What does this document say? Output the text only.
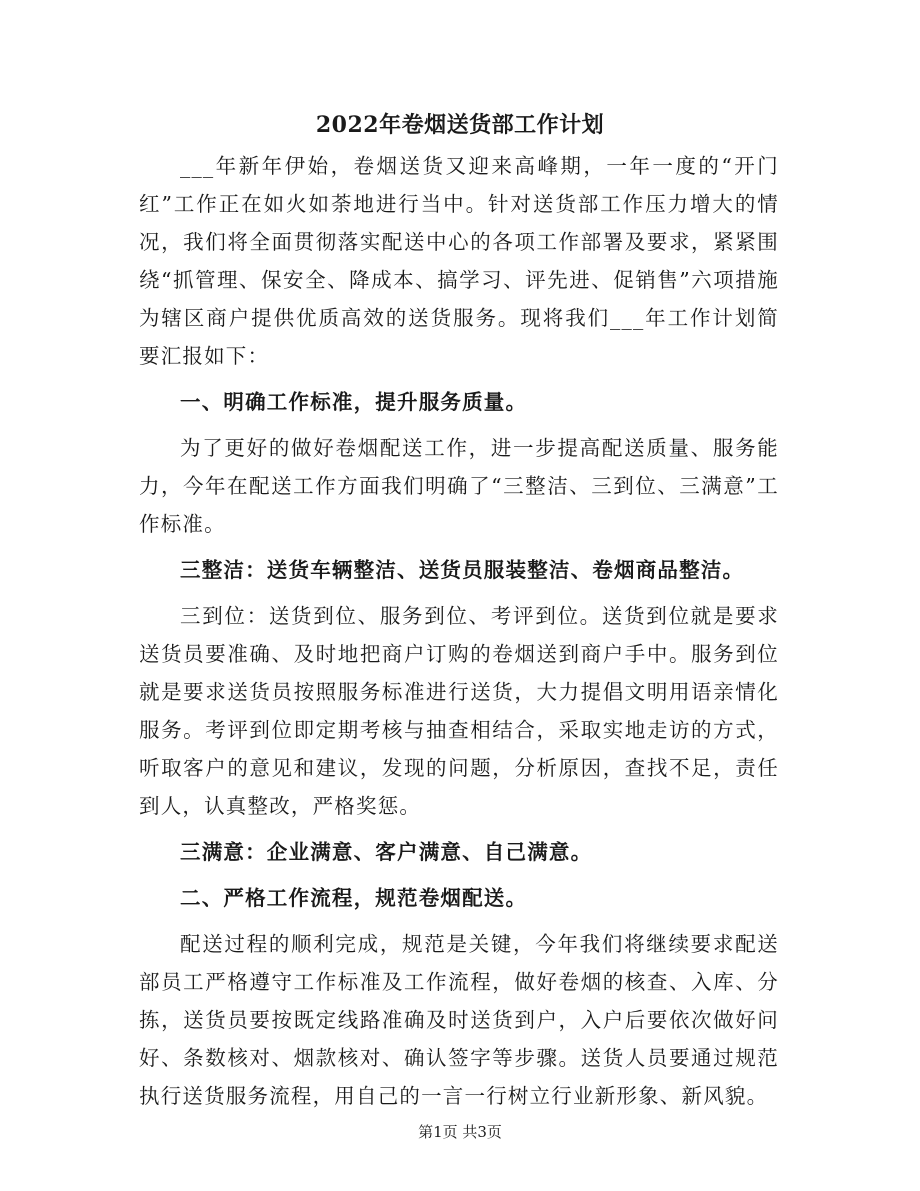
2022年卷烟送货部工作计划

___年新年伊始，卷烟送货又迎来高峰期，一年一度的“开门红”工作正在如火如荼地进行当中。针对送货部工作压力增大的情况，我们将全面贯彻落实配送中心的各项工作部署及要求，紧紧围绕“抓管理、保安全、降成本、搞学习、评先进、促销售”六项措施为辖区商户提供优质高效的送货服务。现将我们___年工作计划简要汇报如下：

一、明确工作标准，提升服务质量。

为了更好的做好卷烟配送工作，进一步提高配送质量、服务能力，今年在配送工作方面我们明确了“三整洁、三到位、三满意”工作标准。

三整洁：送货车辆整洁、送货员服装整洁、卷烟商品整洁。

三到位：送货到位、服务到位、考评到位。送货到位就是要求送货员要准确、及时地把商户订购的卷烟送到商户手中。服务到位就是要求送货员按照服务标准进行送货，大力提倡文明用语亲情化服务。考评到位即定期考核与抽查相结合，采取实地走访的方式，听取客户的意见和建议，发现的问题，分析原因，查找不足，责任到人，认真整改，严格奖惩。

三满意：企业满意、客户满意、自己满意。

二、严格工作流程，规范卷烟配送。

配送过程的顺利完成，规范是关键，今年我们将继续要求配送部员工严格遵守工作标准及工作流程，做好卷烟的核查、入库、分拣，送货员要按既定线路准确及时送货到户，入户后要依次做好问好、条数核对、烟款核对、确认签字等步骤。送货人员要通过规范执行送货服务流程，用自己的一言一行树立行业新形象、新风貌。

第1页 共3页
